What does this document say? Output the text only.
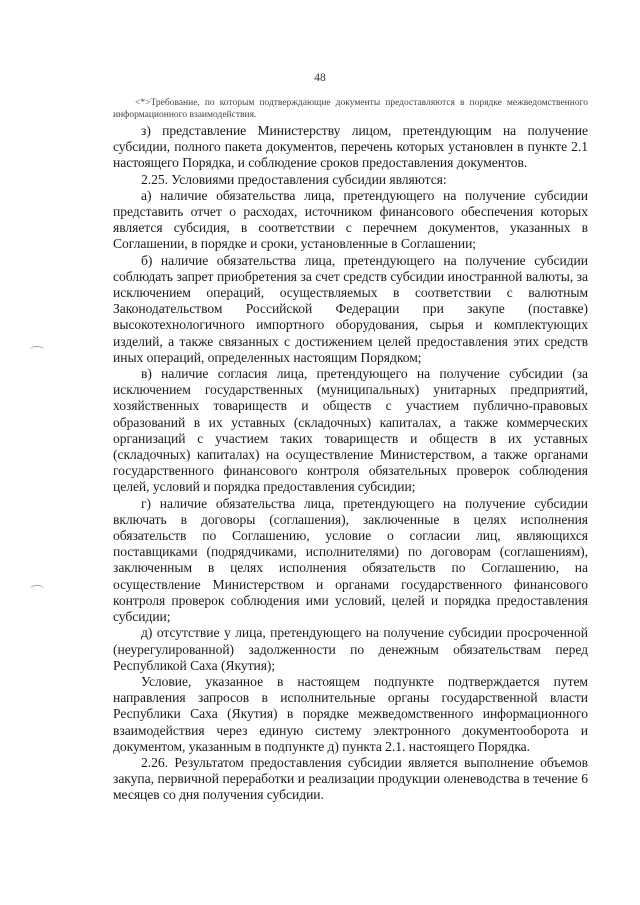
48

<*>Требование, по которым подтверждающие документы предоставляются в порядке межведомственного информационного взаимодействия.

з) представление Министерству лицом, претендующим на получение субсидии, полного пакета документов, перечень которых установлен в пункте 2.1 настоящего Порядка, и соблюдение сроков предоставления документов.

2.25. Условиями предоставления субсидии являются:

а) наличие обязательства лица, претендующего на получение субсидии представить отчет о расходах, источником финансового обеспечения которых является субсидия, в соответствии с перечнем документов, указанных в Соглашении, в порядке и сроки, установленные в Соглашении;

б) наличие обязательства лица, претендующего на получение субсидии соблюдать запрет приобретения за счет средств субсидии иностранной валюты, за исключением операций, осуществляемых в соответствии с валютным Законодательством Российской Федерации при закупе (поставке) высокотехнологичного импортного оборудования, сырья и комплектующих изделий, а также связанных с достижением целей предоставления этих средств иных операций, определенных настоящим Порядком;

в) наличие согласия лица, претендующего на получение субсидии (за исключением государственных (муниципальных) унитарных предприятий, хозяйственных товариществ и обществ с участием публично-правовых образований в их уставных (складочных) капиталах, а также коммерческих организаций с участием таких товариществ и обществ в их уставных (складочных) капиталах) на осуществление Министерством, а также органами государственного финансового контроля обязательных проверок соблюдения целей, условий и порядка предоставления субсидии;

г) наличие обязательства лица, претендующего на получение субсидии включать в договоры (соглашения), заключенные в целях исполнения обязательств по Соглашению, условие о согласии лиц, являющихся поставщиками (подрядчиками, исполнителями) по договорам (соглашениям), заключенным в целях исполнения обязательств по Соглашению, на осуществление Министерством и органами государственного финансового контроля проверок соблюдения ими условий, целей и порядка предоставления субсидии;

д) отсутствие у лица, претендующего на получение субсидии просроченной (неурегулированной) задолженности по денежным обязательствам перед Республикой Саха (Якутия);

Условие, указанное в настоящем подпункте подтверждается путем направления запросов в исполнительные органы государственной власти Республики Саха (Якутия) в порядке межведомственного информационного взаимодействия через единую систему электронного документооборота и документом, указанным в подпункте д) пункта 2.1. настоящего Порядка.

2.26. Результатом предоставления субсидии является выполнение объемов закупа, первичной переработки и реализации продукции оленеводства в течение 6 месяцев со дня получения субсидии.
